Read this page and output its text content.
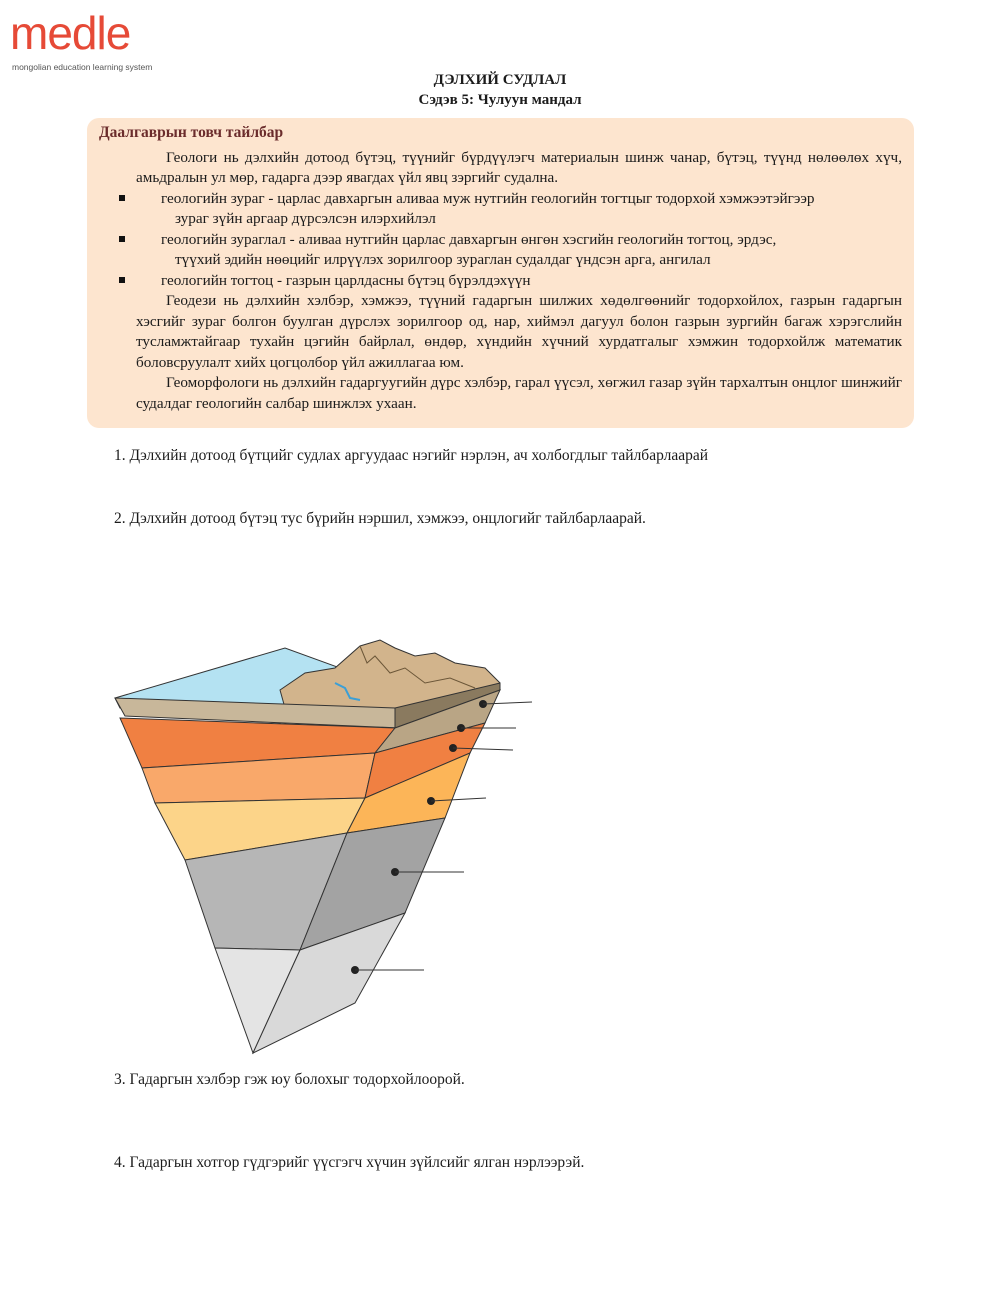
medle
mongolian education learning system
ДЭЛХИЙ СУДЛАЛ
Сэдэв 5: Чулуун мандал
Даалгаврын товч тайлбар

Геологи нь дэлхийн дотоод бүтэц, түүнийг бүрдүүлэгч материалын шинж чанар, бүтэц, түүнд нөлөөлөх хүч, амьдралын ул мөр, гадарга дээр явагдах үйл явц зэргийг судална.

геологийн зураг - царлас давхаргын аливаа муж нутгийн геологийн тогтцыг тодорхой хэмжээтэйгээр
зураг зүйн аргаар дүрсэлсэн илэрхийлэл
геологийн зураглал - аливаа нутгийн царлас давхаргын өнгөн хэсгийн геологийн тогтоц, эрдэс,
түүхий эдийн нөөцийг илрүүлэх зорилгоор зураглан судалдаг үндсэн арга, ангилал
геологийн тогтоц - газрын царлдасны бүтэц бүрэлдэхүүн

Геодези нь дэлхийн хэлбэр, хэмжээ, түүний гадаргын шилжих хөдөлгөөнийг тодорхойлох, газрын гадаргын хэсгийг зураг болгон буулган дүрслэх зорилгоор од, нар, хиймэл дагуул болон газрын зургийн багаж хэрэгслийн тусламжтайгаар тухайн цэгийн байрлал, өндөр, хүндийн хүчний хурдатгалыг хэмжин тодорхойлж математик боловсруулалт хийх цогцолбор үйл ажиллагаа юм.

Геоморфологи нь дэлхийн гадаргуугийн дүрс хэлбэр, гарал үүсэл, хөгжил газар зүйн тархалтын онцлог шинжийг судалдаг геологийн салбар шинжлэх ухаан.

1. Дэлхийн дотоод бүтцийг судлах аргуудаас нэгийг нэрлэн, ач холбогдлыг тайлбарлаарай
2. Дэлхийн дотоод бүтэц тус бүрийн нэршил, хэмжээ, онцлогийг тайлбарлаарай.
3. Гадаргын хэлбэр гэж юу болохыг тодорхойлоорой.
4. Гадаргын хотгор гүдгэрийг үүсгэгч хүчин зүйлсийг ялган нэрлээрэй.
